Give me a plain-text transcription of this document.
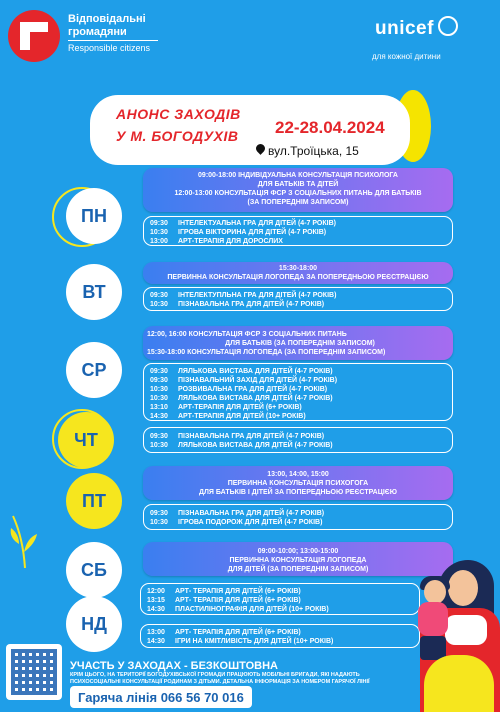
Відповідальні
громадяни
Responsible citizens
unicef
для кожної дитини
АНОНС ЗАХОДІВ
У М. БОГОДУХІВ 22-28.04.2024
вул.Троїцька, 15
ПН
ВТ
СР
ЧТ
ПТ
СБ
НД
09:00-18:00 ІНДИВІДУАЛЬНА КОНСУЛЬТАЦІЯ ПСИХОЛОГА
ДЛЯ БАТЬКІВ ТА ДІТЕЙ
12:00-13:00 КОНСУЛЬТАЦІЯ ФСР З СОЦІАЛЬНИХ ПИТАНЬ ДЛЯ БАТЬКІВ
(ЗА ПОПЕРЕДНІМ ЗАПИСОМ)
09:30 ІНТЕЛЕКТУАЛЬНА ГРА ДЛЯ ДІТЕЙ (4-7 РОКІВ)
10:30 ІГРОВА ВІКТОРИНА ДЛЯ ДІТЕЙ (4-7 РОКІВ)
13:00 АРТ-ТЕРАПІЯ ДЛЯ ДОРОСЛИХ
15:30-18:00
ПЕРВИННА КОНСУЛЬТАЦІЯ ЛОГОПЕДА ЗА ПОПЕРЕДНЬОЮ РЕЄСТРАЦІЄЮ
09:30 ІНТЕЛЕКТУПЛЬНА ГРА ДЛЯ ДІТЕЙ (4-7 РОКІВ)
10:30 ПІЗНАВАЛЬНА ГРА ДЛЯ ДІТЕЙ (4-7 РОКІВ)
12:00, 16:00 КОНСУЛЬТАЦІЯ ФСР З СОЦІАЛЬНИХ ПИТАНЬ
ДЛЯ БАТЬКІВ (ЗА ПОПЕРЕДНІМ ЗАПИСОМ)
15:30-18:00 КОНСУЛЬТАЦІЯ ЛОГОПЕДА (ЗА ПОПЕРЕДНІМ ЗАПИСОМ)
09:30 ЛЯЛЬКОВА ВИСТАВА ДЛЯ ДІТЕЙ (4-7 РОКІВ)
09:30 ПІЗНАВАЛЬНИЙ ЗАХІД ДЛЯ ДІТЕЙ (4-7 РОКІВ)
10:30 РОЗВИВАЛЬНА ГРА ДЛЯ ДІТЕЙ (4-7 РОКІВ)
10:30 ЛЯЛЬКОВА ВИСТАВА ДЛЯ ДІТЕЙ (4-7 РОКІВ)
13:10 АРТ-ТЕРАПІЯ ДЛЯ ДІТЕЙ (6+ РОКІВ)
14:30 АРТ-ТЕРАПІЯ ДЛЯ ДІТЕЙ (10+ РОКІВ)
09:30 ПІЗНАВАЛЬНА ГРА ДЛЯ ДІТЕЙ (4-7 РОКІВ)
10:30 ЛЯЛЬКОВА ВИСТАВА ДЛЯ ДІТЕЙ (4-7 РОКІВ)
13:00, 14:00, 15:00
ПЕРВИННА КОНСУЛЬТАЦІЯ ПСИХОГОГА
ДЛЯ БАТЬКІВ І ДІТЕЙ ЗА ПОПЕРЕДНЬОЮ РЕЄСТРАЦІЄЮ
09:30 ПІЗНАВАЛЬНА ГРА ДЛЯ ДІТЕЙ (4-7 РОКІВ)
10:30 ІГРОВА ПОДОРОЖ ДЛЯ ДІТЕЙ (4-7 РОКІВ)
09:00-10:00; 13:00-15:00
ПЕРВИННА КОНСУЛЬТАЦІЯ ЛОГОПЕДА
ДЛЯ ДІТЕЙ (ЗА ПОПЕРЕДНІМ ЗАПИСОМ)
12:00 АРТ- ТЕРАПІЯ ДЛЯ ДІТЕЙ (6+ РОКІВ)
13:15 АРТ- ТЕРАПІЯ ДЛЯ ДІТЕЙ (6+ РОКІВ)
14:30 ПЛАСТИЛІНОГРАФІЯ ДЛЯ ДІТЕЙ (10+ РОКІВ)
13:00 АРТ- ТЕРАПІЯ ДЛЯ ДІТЕЙ (6+ РОКІВ)
14:30 ІГРИ НА КМІТЛИВІСТЬ ДЛЯ ДІТЕЙ (10+ РОКІВ)
УЧАСТЬ У ЗАХОДАХ - БЕЗКОШТОВНА
КРІМ ЦЬОГО, НА ТЕРИТОРІЇ БОГОДУХІВСЬКОЇ ГРОМАДИ ПРАЦЮЮТЬ МОБІЛЬНІ БРИГАДИ, ЯКІ НАДАЮТЬ ПСИХОСОЦІАЛЬНІ КОНСУЛЬТАЦІЇ РОДИНАМ З ДІТЬМИ. ДЕТАЛЬНА ІНФОРМАЦІЯ ЗА НОМЕРОМ ГАРЯЧОЇ ЛІНІЇ
Гаряча лінія 066 56 70 016
